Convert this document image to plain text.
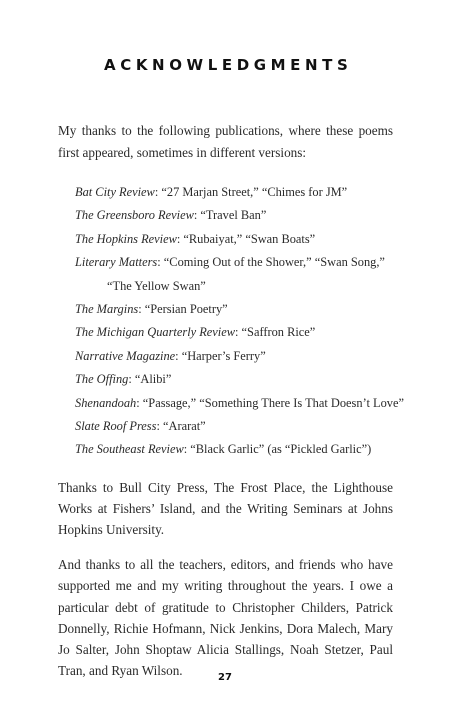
ACKNOWLEDGMENTS

My thanks to the following publications, where these poems first appeared, sometimes in different versions:

Bat City Review: “27 Marjan Street,” “Chimes for JM”
The Greensboro Review: “Travel Ban”
The Hopkins Review: “Rubaiyat,” “Swan Boats”
Literary Matters: “Coming Out of the Shower,” “Swan Song,”
“The Yellow Swan”
The Margins: “Persian Poetry”
The Michigan Quarterly Review: “Saffron Rice”
Narrative Magazine: “Harper’s Ferry”
The Offing: “Alibi”
Shenandoah: “Passage,” “Something There Is That Doesn’t Love”
Slate Roof Press: “Ararat”
The Southeast Review: “Black Garlic” (as “Pickled Garlic”)

Thanks to Bull City Press, The Frost Place, the Lighthouse Works at Fishers’ Island, and the Writing Seminars at Johns Hopkins University.

And thanks to all the teachers, editors, and friends who have supported me and my writing throughout the years. I owe a particular debt of gratitude to Christopher Childers, Patrick Donnelly, Richie Hofmann, Nick Jenkins, Dora Malech, Mary Jo Salter, John Shoptaw Alicia Stallings, Noah Stetzer, Paul Tran, and Ryan Wilson.	27
